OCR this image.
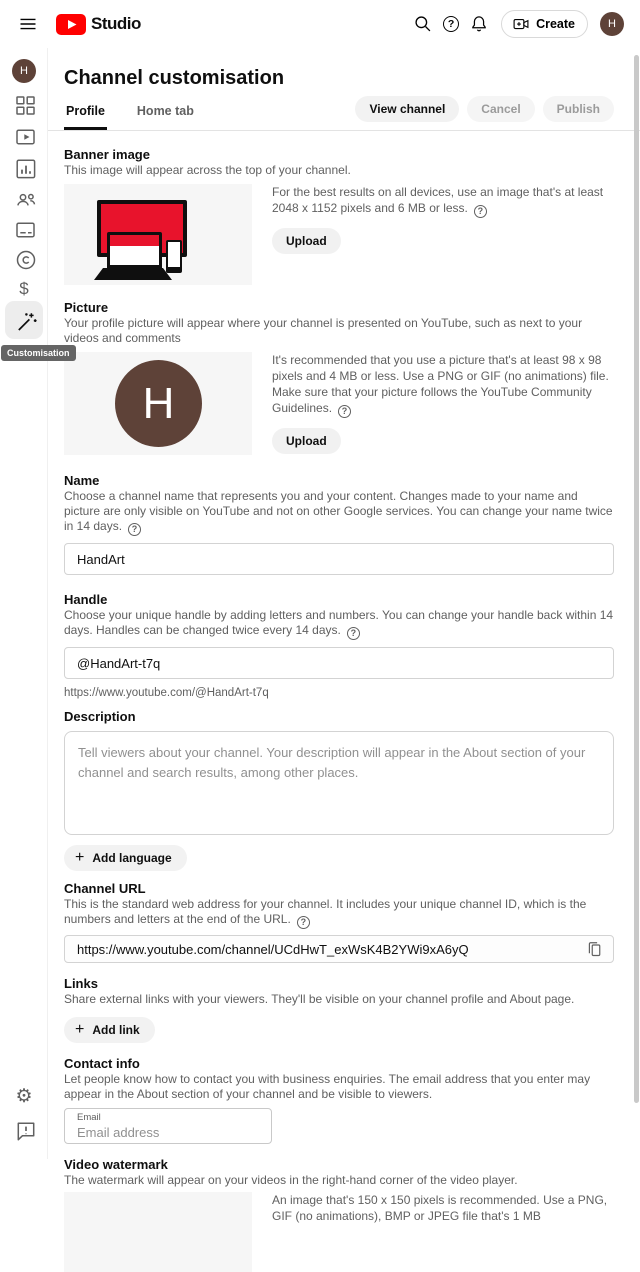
Studio	?	Create	H
H
$
Customisation
⚙
Channel customisation
Profile	Home tab	View channel	Cancel	Publish

Banner image

This image will appear across the top of your channel.

For the best results on all devices, use an image that's at least 2048 x 1152 pixels and 6 MB or less. ?
Upload

Picture

Your profile picture will appear where your channel is presented on YouTube, such as next to your videos and comments

H
It's recommended that you use a picture that's at least 98 x 98 pixels and 4 MB or less. Use a PNG or GIF (no animations) file. Make sure that your picture follows the YouTube Community Guidelines. ?
Upload

Name

Choose a channel name that represents you and your content. Changes made to your name and picture are only visible on YouTube and not on other Google services. You can change your name twice in 14 days. ?

HandArt

Handle

Choose your unique handle by adding letters and numbers. You can change your handle back within 14 days. Handles can be changed twice every 14 days. ?

@HandArt-t7q
https://www.youtube.com/@HandArt-t7q

Description

Tell viewers about your channel. Your description will appear in the About section of your channel and search results, among other places.
+ Add language

Channel URL

This is the standard web address for your channel. It includes your unique channel ID, which is the numbers and letters at the end of the URL. ?

https://www.youtube.com/channel/UCdHwT_exWsK4B2YWi9xA6yQ

Links

Share external links with your viewers. They'll be visible on your channel profile and About page.

+ Add link

Contact info

Let people know how to contact you with business enquiries. The email address that you enter may appear in the About section of your channel and be visible to viewers.

Email
Email address

Video watermark

The watermark will appear on your videos in the right-hand corner of the video player.

An image that's 150 x 150 pixels is recommended. Use a PNG, GIF (no animations), BMP or JPEG file that's 1 MB
